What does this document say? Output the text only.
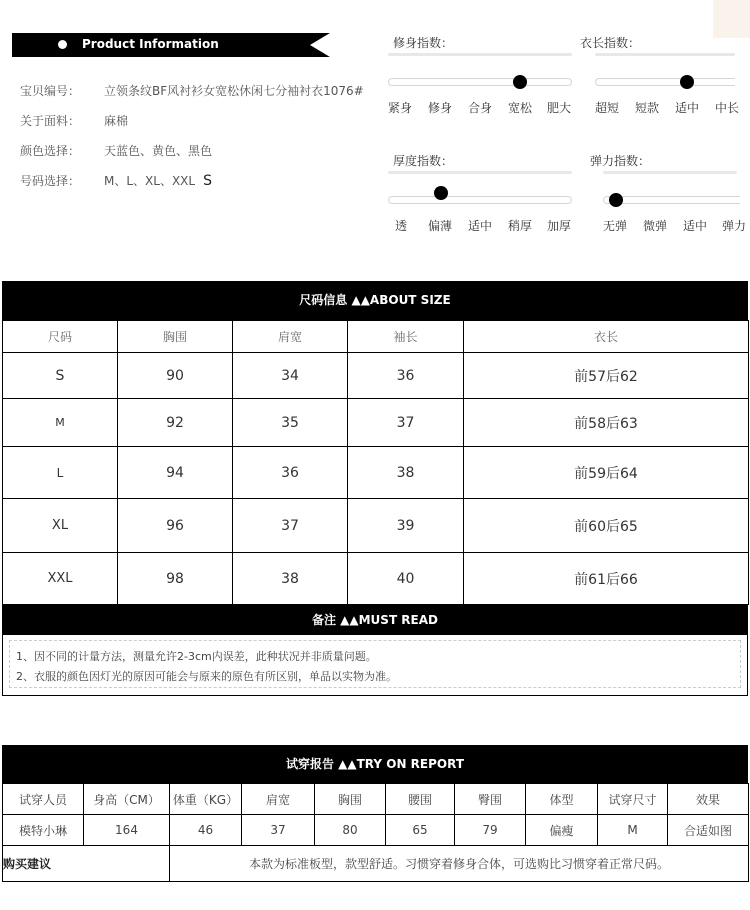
Product Information
宝贝编号： 立领条纹BF风衬衫女宽松休闲七分袖衬衣1076#
关于面料： 麻棉
颜色选择： 天蓝色、黄色、黑色
号码选择： M、L、XL、XXL S
修身指数：
紧身 修身 合身 宽松 肥大
衣长指数：
超短 短款 适中 中长
厚度指数：
透 偏薄 适中 稍厚 加厚
弹力指数：
无弹 微弹 适中 弹力
尺码信息 ▲▲ABOUT SIZE
尺码	胸围	肩宽	袖长	衣长
S	90	34	36	前57后62
M	92	35	37	前58后63
L	94	36	38	前59后64
XL	96	37	39	前60后65
XXL	98	38	40	前61后66
备注 ▲▲MUST READ
1、因不同的计量方法，测量允许2-3cm内误差，此种状况并非质量问题。
2、衣服的颜色因灯光的原因可能会与原来的原色有所区别，单品以实物为准。
试穿报告 ▲▲TRY ON REPORT
试穿人员	身高（CM）	体重（KG）	肩宽	胸围	腰围	臀围	体型	试穿尺寸	效果
模特小琳	164	46	37	80	65	79	偏瘦	M	合适如图
购买建议		本款为标准板型，款型舒适。习惯穿着修身合体，可选购比习惯穿着正常尺码。							
